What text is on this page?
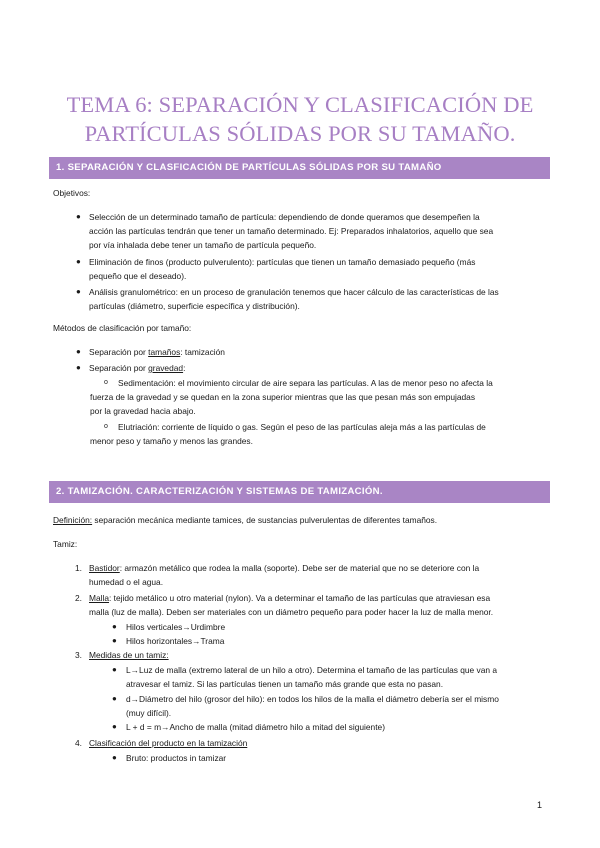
TEMA 6: SEPARACIÓN Y CLASIFICACIÓN DE
PARTÍCULAS SÓLIDAS POR SU TAMAÑO.
1. SEPARACIÓN Y CLASFICACIÓN DE PARTÍCULAS SÓLIDAS POR SU TAMAÑO
Objetivos:
● Selección de un determinado tamaño de partícula: dependiendo de donde queramos que desempeñen la
acción las partículas tendrán que tener un tamaño determinado. Ej: Preparados inhalatorios, aquello que sea
por vía inhalada debe tener un tamaño de partícula pequeño.
● Eliminación de finos (producto pulverulento): partículas que tienen un tamaño demasiado pequeño (más
pequeño que el deseado).
● Análisis granulométrico: en un proceso de granulación tenemos que hacer cálculo de las características de las
partículas (diámetro, superficie específica y distribución).
Métodos de clasificación por tamaño:
● Separación por tamaños: tamización
● Separación por gravedad:
o Sedimentación: el movimiento circular de aire separa las partículas. A las de menor peso no afecta la
fuerza de la gravedad y se quedan en la zona superior mientras que las que pesan más son empujadas
por la gravedad hacia abajo.
o Elutriación: corriente de líquido o gas. Según el peso de las partículas aleja más a las partículas de
menor peso y tamaño y menos las grandes.
2. TAMIZACIÓN. CARACTERIZACIÓN Y SISTEMAS DE TAMIZACIÓN.
Definición: separación mecánica mediante tamices, de sustancias pulverulentas de diferentes tamaños.
Tamiz:
1. Bastidor: armazón metálico que rodea la malla (soporte). Debe ser de material que no se deteriore con la
humedad o el agua.
2. Malla: tejido metálico u otro material (nylon). Va a determinar el tamaño de las partículas que atraviesan esa
malla (luz de malla). Deben ser materiales con un diámetro pequeño para poder hacer la luz de malla menor.
● Hilos verticales→Urdimbre
● Hilos horizontales→Trama
3. Medidas de un tamiz:
● L→Luz de malla (extremo lateral de un hilo a otro). Determina el tamaño de las partículas que van a
atravesar el tamiz. Si las partículas tienen un tamaño más grande que esta no pasan.
● d→Diámetro del hilo (grosor del hilo): en todos los hilos de la malla el diámetro debería ser el mismo
(muy difícil).
● L + d = m→Ancho de malla (mitad diámetro hilo a mitad del siguiente)
4. Clasificación del producto en la tamización
● Bruto: productos in tamizar
1
